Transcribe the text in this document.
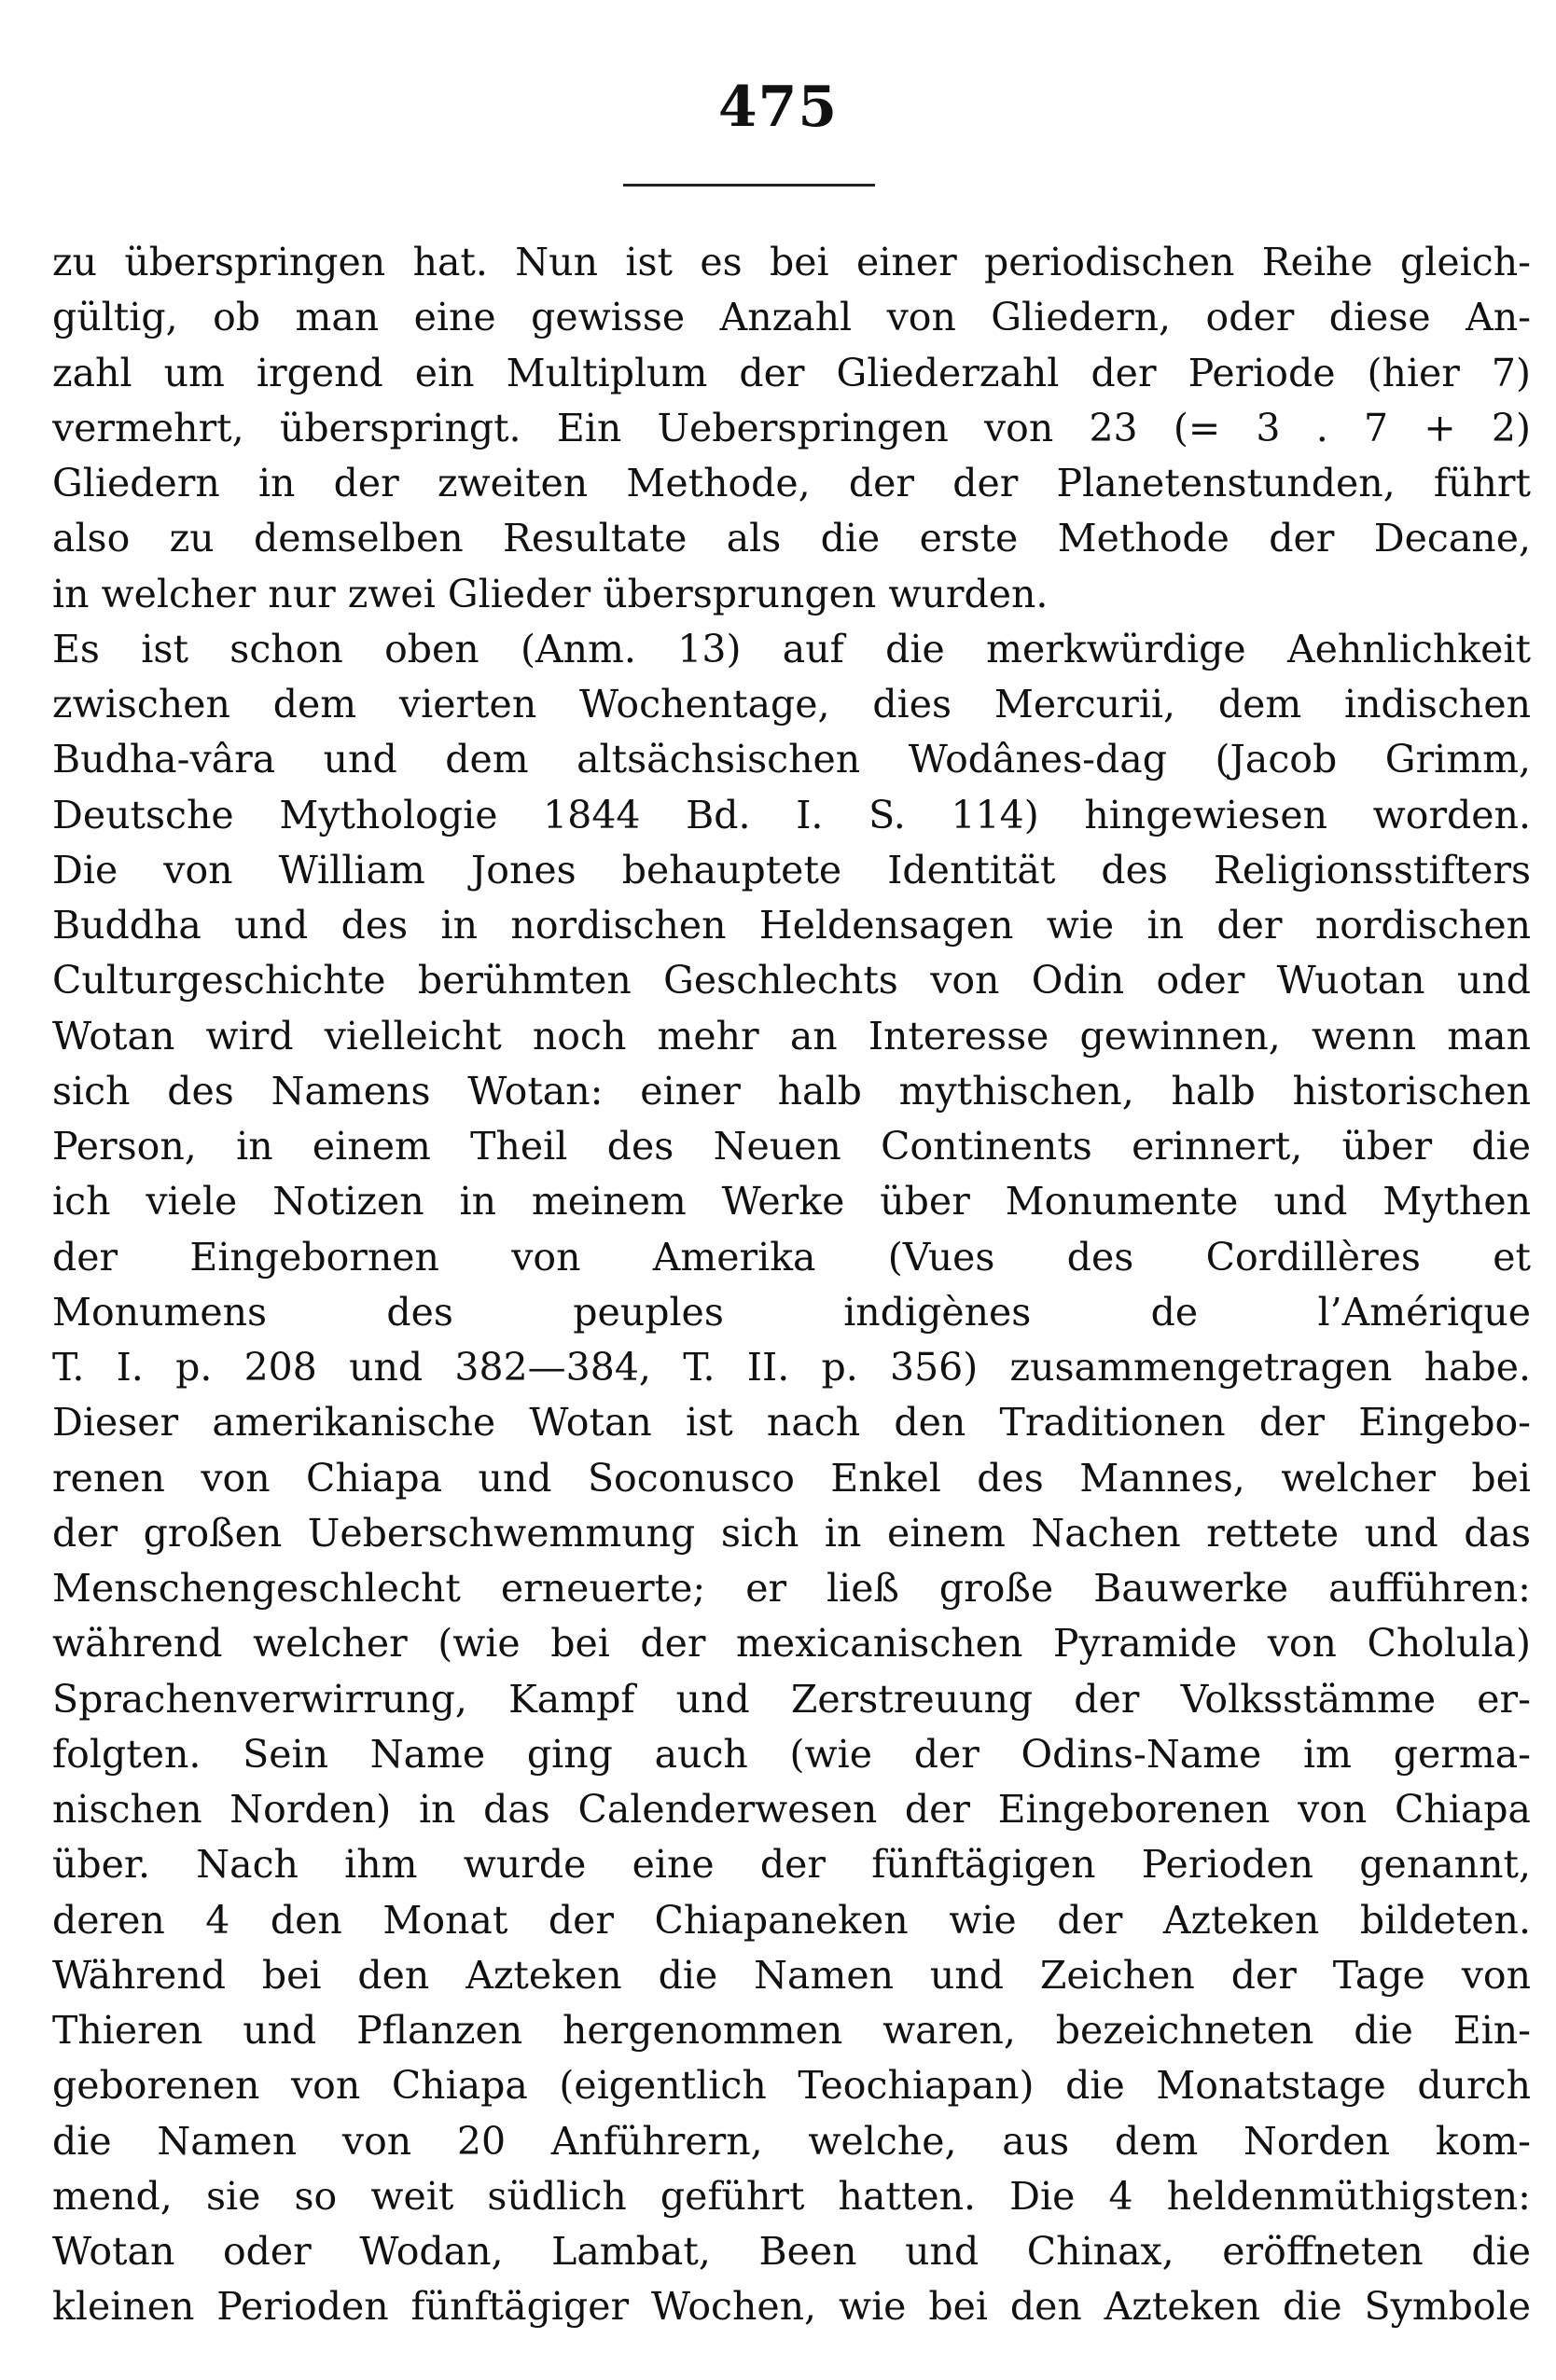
475
zu überspringen hat. Nun ist es bei einer periodischen Reihe gleich-
gültig, ob man eine gewisse Anzahl von Gliedern, oder diese An-
zahl um irgend ein Multiplum der Gliederzahl der Periode (hier 7)
vermehrt, überspringt. Ein Ueberspringen von 23 (= 3 . 7 + 2)
Gliedern in der zweiten Methode, der der Planetenstunden, führt
also zu demselben Resultate als die erste Methode der Decane,
in welcher nur zwei Glieder übersprungen wurden.
Es ist schon oben (Anm. 13) auf die merkwürdige Aehnlichkeit
zwischen dem vierten Wochentage, dies Mercurii, dem indischen
Budha-vâra und dem altsächsischen Wodânes-dag (Jacob Grimm,
Deutsche Mythologie 1844 Bd. I. S. 114) hingewiesen worden.
Die von William Jones behauptete Identität des Religionsstifters
Buddha und des in nordischen Heldensagen wie in der nordischen
Culturgeschichte berühmten Geschlechts von Odin oder Wuotan und
Wotan wird vielleicht noch mehr an Interesse gewinnen, wenn man
sich des Namens Wotan: einer halb mythischen, halb historischen
Person, in einem Theil des Neuen Continents erinnert, über die
ich viele Notizen in meinem Werke über Monumente und Mythen
der Eingebornen von Amerika (Vues des Cordillères et
Monumens des peuples indigènes de l’Amérique
T. I. p. 208 und 382—384, T. II. p. 356) zusammengetragen habe.
Dieser amerikanische Wotan ist nach den Traditionen der Eingebo-
renen von Chiapa und Soconusco Enkel des Mannes, welcher bei
der großen Ueberschwemmung sich in einem Nachen rettete und das
Menschengeschlecht erneuerte; er ließ große Bauwerke aufführen:
während welcher (wie bei der mexicanischen Pyramide von Cholula)
Sprachenverwirrung, Kampf und Zerstreuung der Volksstämme er-
folgten. Sein Name ging auch (wie der Odins-Name im germa-
nischen Norden) in das Calenderwesen der Eingeborenen von Chiapa
über. Nach ihm wurde eine der fünftägigen Perioden genannt,
deren 4 den Monat der Chiapaneken wie der Azteken bildeten.
Während bei den Azteken die Namen und Zeichen der Tage von
Thieren und Pflanzen hergenommen waren, bezeichneten die Ein-
geborenen von Chiapa (eigentlich Teochiapan) die Monatstage durch
die Namen von 20 Anführern, welche, aus dem Norden kom-
mend, sie so weit südlich geführt hatten. Die 4 heldenmüthigsten:
Wotan oder Wodan, Lambat, Been und Chinax, eröffneten die
kleinen Perioden fünftägiger Wochen, wie bei den Azteken die Symbole
